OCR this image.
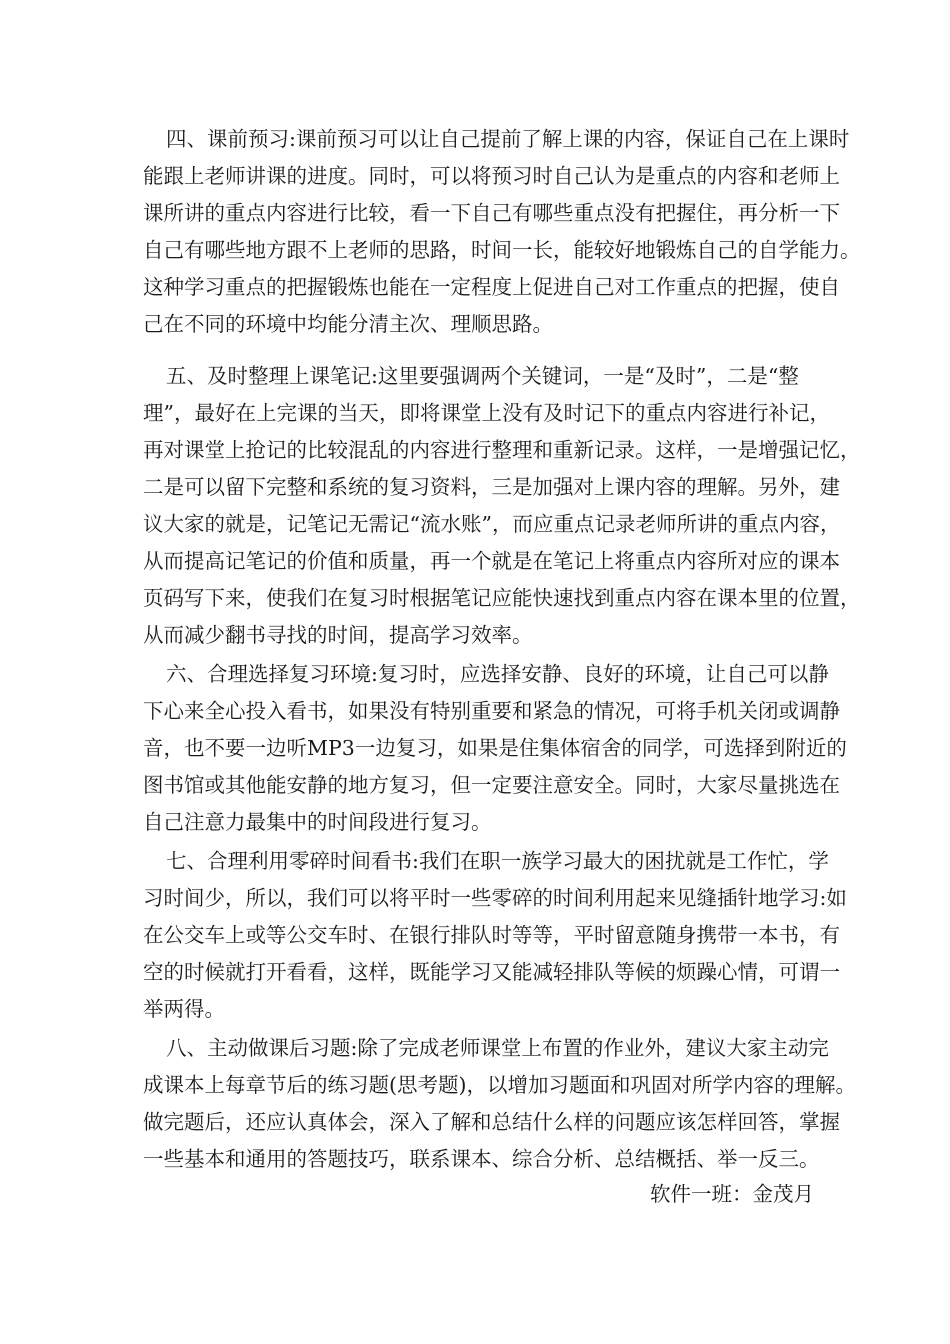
四、课前预习:课前预习可以让自己提前了解上课的内容，保证自己在上课时
能跟上老师讲课的进度。同时，可以将预习时自己认为是重点的内容和老师上
课所讲的重点内容进行比较，看一下自己有哪些重点没有把握住，再分析一下
自己有哪些地方跟不上老师的思路，时间一长，能较好地锻炼自己的自学能力。
这种学习重点的把握锻炼也能在一定程度上促进自己对工作重点的把握，使自
己在不同的环境中均能分清主次、理顺思路。
五、及时整理上课笔记:这里要强调两个关键词，一是“及时”，二是“整
理”，最好在上完课的当天，即将课堂上没有及时记下的重点内容进行补记，
再对课堂上抢记的比较混乱的内容进行整理和重新记录。这样，一是增强记忆，
二是可以留下完整和系统的复习资料，三是加强对上课内容的理解。另外，建
议大家的就是，记笔记无需记“流水账”，而应重点记录老师所讲的重点内容，
从而提高记笔记的价值和质量，再一个就是在笔记上将重点内容所对应的课本
页码写下来，使我们在复习时根据笔记应能快速找到重点内容在课本里的位置，
从而减少翻书寻找的时间，提高学习效率。
六、合理选择复习环境:复习时，应选择安静、良好的环境，让自己可以静
下心来全心投入看书，如果没有特别重要和紧急的情况，可将手机关闭或调静
音，也不要一边听MP3一边复习，如果是住集体宿舍的同学，可选择到附近的
图书馆或其他能安静的地方复习，但一定要注意安全。同时，大家尽量挑选在
自己注意力最集中的时间段进行复习。
七、合理利用零碎时间看书:我们在职一族学习最大的困扰就是工作忙，学
习时间少，所以，我们可以将平时一些零碎的时间利用起来见缝插针地学习:如
在公交车上或等公交车时、在银行排队时等等，平时留意随身携带一本书，有
空的时候就打开看看，这样，既能学习又能减轻排队等候的烦躁心情，可谓一
举两得。
八、主动做课后习题:除了完成老师课堂上布置的作业外，建议大家主动完
成课本上每章节后的练习题(思考题)，以增加习题面和巩固对所学内容的理解。
做完题后，还应认真体会，深入了解和总结什么样的问题应该怎样回答，掌握
一些基本和通用的答题技巧，联系课本、综合分析、总结概括、举一反三。
软件一班：金茂月
